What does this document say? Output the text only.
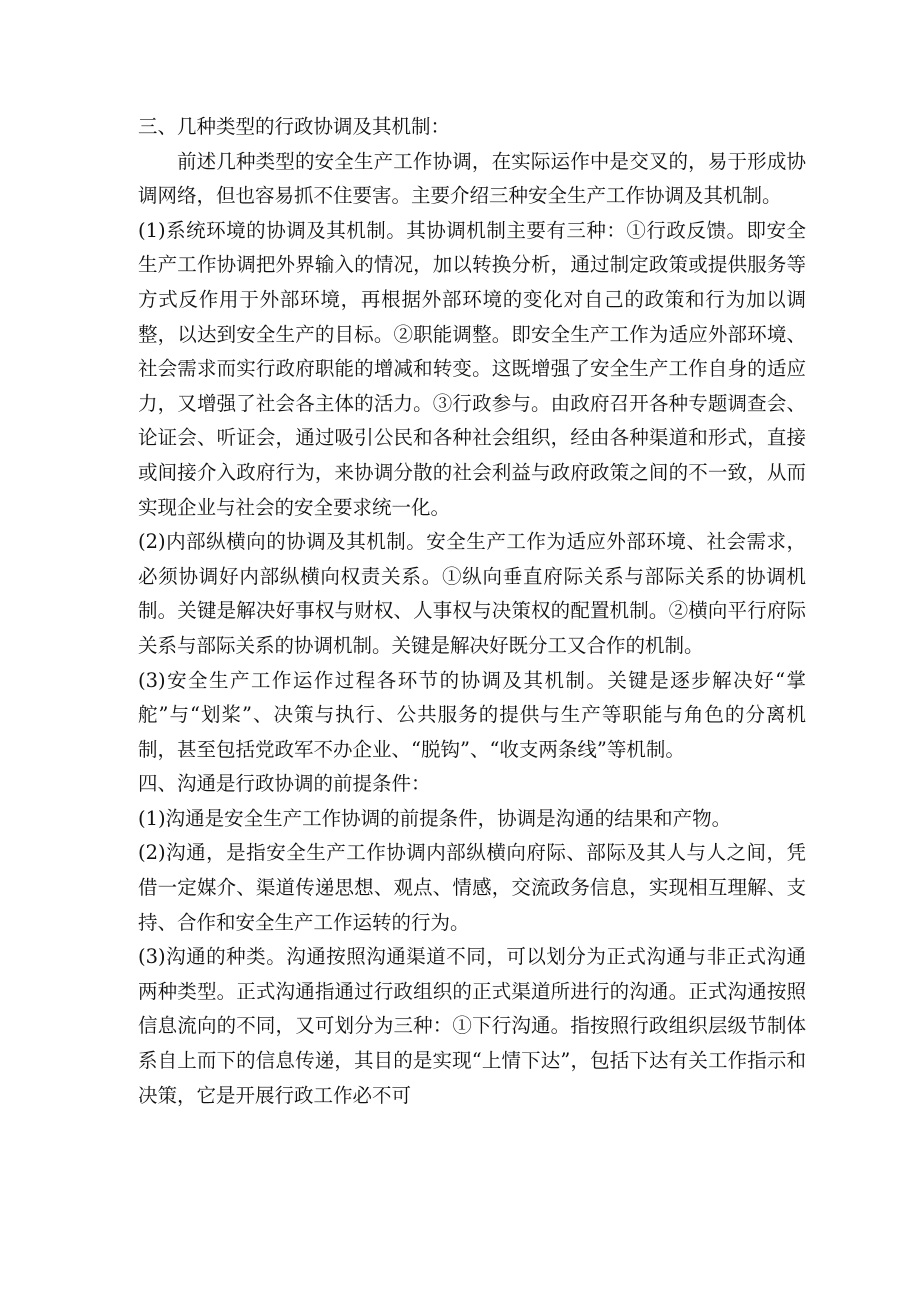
三、几种类型的行政协调及其机制：

前述几种类型的安全生产工作协调，在实际运作中是交叉的，易于形成协调网络，但也容易抓不住要害。主要介绍三种安全生产工作协调及其机制。

(1)系统环境的协调及其机制。其协调机制主要有三种：①行政反馈。即安全生产工作协调把外界输入的情况，加以转换分析，通过制定政策或提供服务等方式反作用于外部环境，再根据外部环境的变化对自己的政策和行为加以调整，以达到安全生产的目标。②职能调整。即安全生产工作为适应外部环境、社会需求而实行政府职能的增减和转变。这既增强了安全生产工作自身的适应力，又增强了社会各主体的活力。③行政参与。由政府召开各种专题调查会、论证会、听证会，通过吸引公民和各种社会组织，经由各种渠道和形式，直接或间接介入政府行为，来协调分散的社会利益与政府政策之间的不一致，从而实现企业与社会的安全要求统一化。

(2)内部纵横向的协调及其机制。安全生产工作为适应外部环境、社会需求，必须协调好内部纵横向权责关系。①纵向垂直府际关系与部际关系的协调机制。关键是解决好事权与财权、人事权与决策权的配置机制。②横向平行府际关系与部际关系的协调机制。关键是解决好既分工又合作的机制。

(3)安全生产工作运作过程各环节的协调及其机制。关键是逐步解决好“掌舵”与“划桨”、决策与执行、公共服务的提供与生产等职能与角色的分离机制，甚至包括党政军不办企业、“脱钩”、“收支两条线”等机制。

四、沟通是行政协调的前提条件：

(1)沟通是安全生产工作协调的前提条件，协调是沟通的结果和产物。

(2)沟通，是指安全生产工作协调内部纵横向府际、部际及其人与人之间，凭借一定媒介、渠道传递思想、观点、情感，交流政务信息，实现相互理解、支持、合作和安全生产工作运转的行为。

(3)沟通的种类。沟通按照沟通渠道不同，可以划分为正式沟通与非正式沟通两种类型。正式沟通指通过行政组织的正式渠道所进行的沟通。正式沟通按照信息流向的不同，又可划分为三种：①下行沟通。指按照行政组织层级节制体系自上而下的信息传递，其目的是实现“上情下达”，包括下达有关工作指示和决策，它是开展行政工作必不可
